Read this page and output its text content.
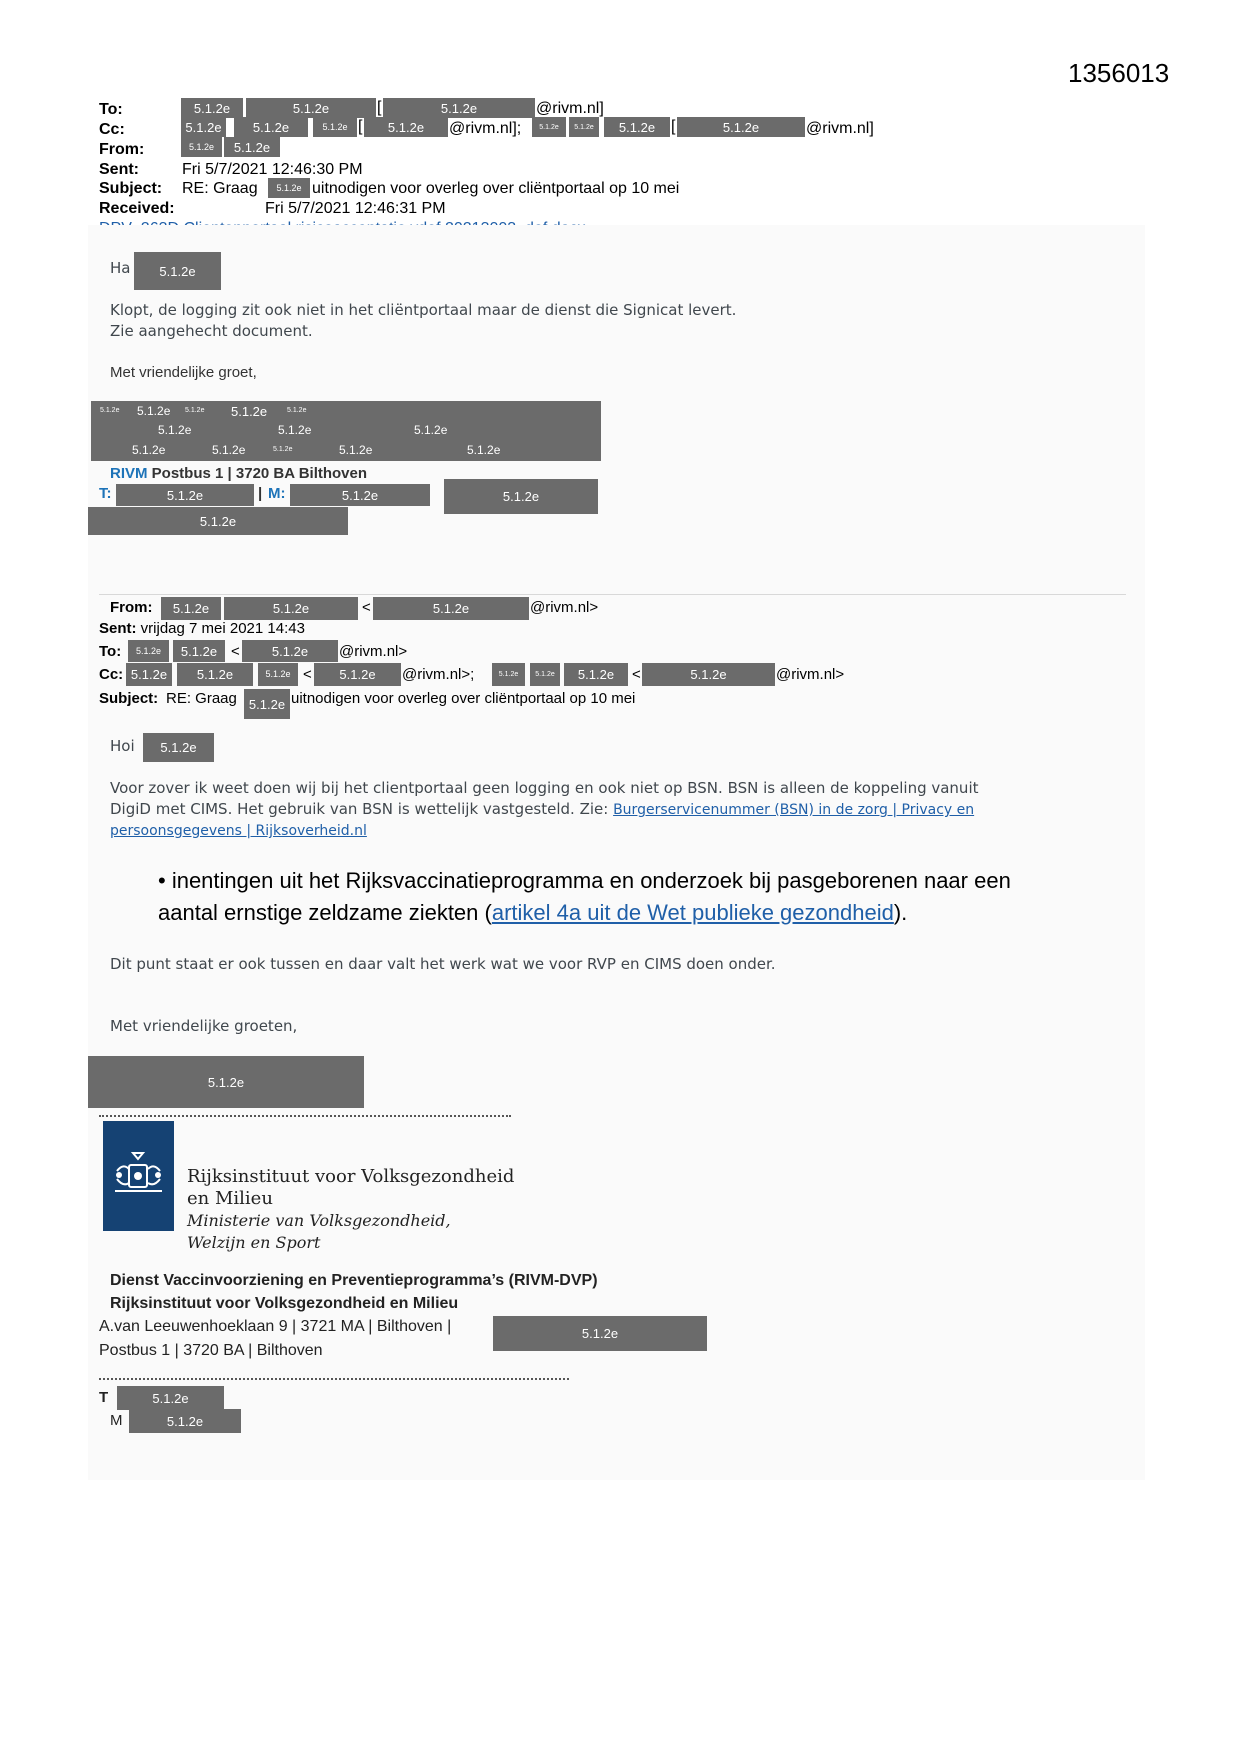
1356013
To:	5.1.2e	5.1.2e	[	5.1.2e	@rivm.nl]
Cc:	5.1.2e	5.1.2e	5.1.2e [	5.1.2e	@rivm.nl];	5.1.2e	5.1.2e	5.1.2e [	5.1.2e	@rivm.nl]
From:	5.1.2e	5.1.2e
Sent:	Fri 5/7/2021 12:46:30 PM
Subject: RE: Graag	5.1.2e uitnodigen voor overleg over cliëntportaal op 10 mei
Received:	Fri 5/7/2021 12:46:31 PM
Ha	5.1.2e
Klopt, de logging zit ook niet in het cliëntportaal maar de dienst die Signicat levert.
Zie aangehecht document.
Met vriendelijke groet,
5.1.2e 5.1.2e 5.1.2e 5.1.2e	5.1.2e
5.1.2e	5.1.2e	5.1.2e
5.1.2e	5.1.2e	5.1.2e	5.1.2e	5.1.2e
RIVM Postbus 1 | 3720 BA Bilthoven
T:	5.1.2e	| M:	5.1.2e	5.1.2e
5.1.2e
From:	5.1.2e	5.1.2e	<	5.1.2e	@rivm.nl>
Sent: vrijdag 7 mei 2021 14:43
To:	5.1.2e	5.1.2e <	5.1.2e	@rivm.nl>
Cc: 5.1.2e	5.1.2e	5.1.2e <	5.1.2e	@rivm.nl>;	5.1.2e	5.1.2e	5.1.2e	<	5.1.2e	@rivm.nl>
Subject: RE: Graag 5.1.2e uitnodigen voor overleg over cliëntportaal op 10 mei
Hoi	5.1.2e
Voor zover ik weet doen wij bij het clientportaal geen logging en ook niet op BSN. BSN is alleen de koppeling vanuit
DigiD met CIMS. Het gebruik van BSN is wettelijk vastgesteld. Zie: Burgerservicenummer (BSN) in de zorg | Privacy en
persoonsgegevens | Rijksoverheid.nl
• inentingen uit het Rijksvaccinatieprogramma en onderzoek bij pasgeborenen naar een
aantal ernstige zeldzame ziekten (artikel 4a uit de Wet publieke gezondheid).
Dit punt staat er ook tussen en daar valt het werk wat we voor RVP en CIMS doen onder.
Met vriendelijke groeten,
5.1.2e
Rijksinstituut voor Volksgezondheid
en Milieu
Ministerie van Volksgezondheid,
Welzijn en Sport
Dienst Vaccinvoorziening en Preventieprogramma’s (RIVM-DVP)
Rijksinstituut voor Volksgezondheid en Milieu
A.van Leeuwenhoeklaan 9 | 3721 MA | Bilthoven |	5.1.2e
Postbus 1 | 3720 BA | Bilthoven
T	5.1.2e
M	5.1.2e
